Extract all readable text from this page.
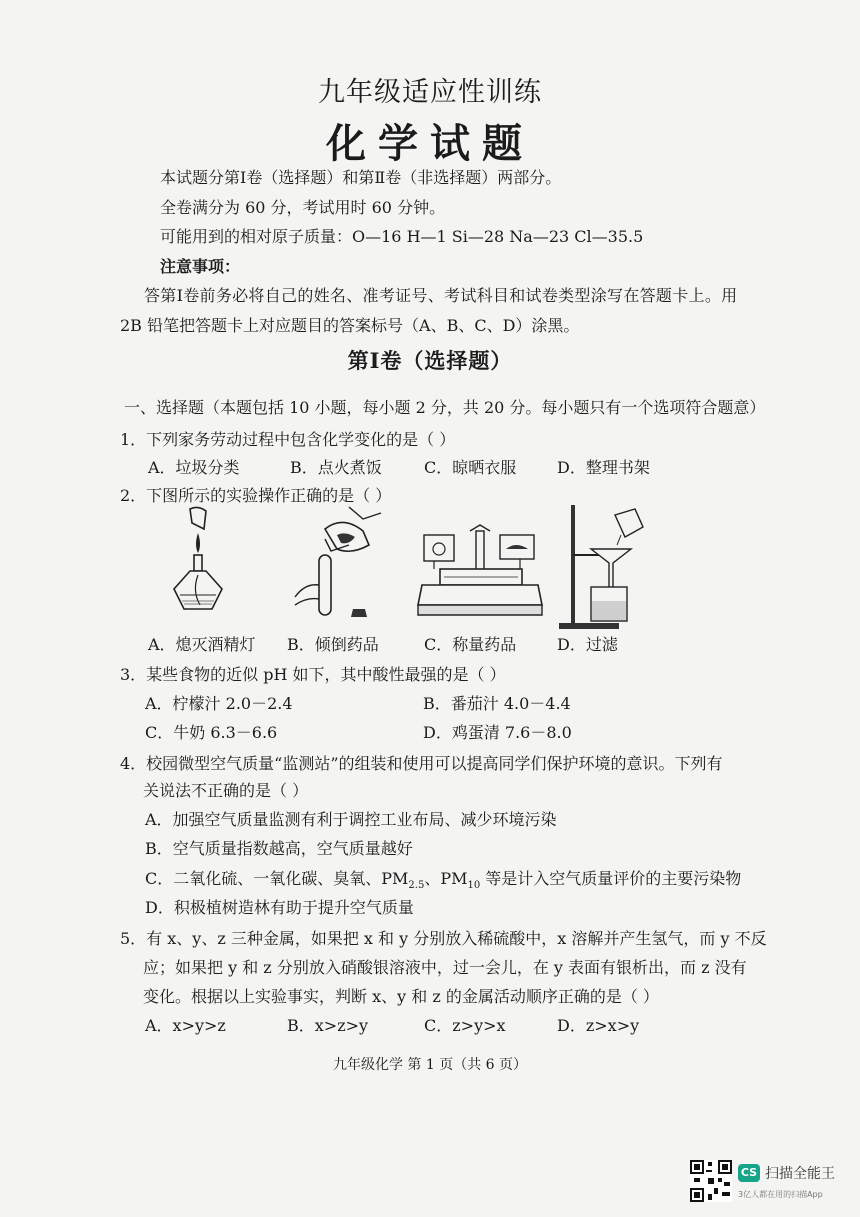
九年级适应性训练
化学试题
本试题分第Ⅰ卷（选择题）和第Ⅱ卷（非选择题）两部分。
全卷满分为 60 分，考试用时 60 分钟。
可能用到的相对原子质量：O—16 H—1 Si—28 Na—23 Cl—35.5
注意事项：
答第Ⅰ卷前务必将自己的姓名、准考证号、考试科目和试卷类型涂写在答题卡上。用
2B 铅笔把答题卡上对应题目的答案标号（A、B、C、D）涂黑。
第Ⅰ卷（选择题）
一、选择题（本题包括 10 小题，每小题 2 分，共 20 分。每小题只有一个选项符合题意）
1．下列家务劳动过程中包含化学变化的是（ ）
A．垃圾分类	B．点火煮饭	C．晾晒衣服	D．整理书架
2．下图所示的实验操作正确的是（ ）
A．熄灭酒精灯 B．倾倒药品	C．称量药品	D．过滤
3．某些食物的近似 pH 如下，其中酸性最强的是（ ）
A．柠檬汁 2.0－2.4	B．番茄汁 4.0－4.4
C．牛奶 6.3－6.6	D．鸡蛋清 7.6－8.0
4．校园微型空气质量“监测站”的组装和使用可以提高同学们保护环境的意识。下列有
关说法不正确的是（ ）
A．加强空气质量监测有利于调控工业布局、减少环境污染
B．空气质量指数越高，空气质量越好
C．二氧化硫、一氧化碳、臭氧、$PM_{2.5}$、$PM_{10}$ 等是计入空气质量评价的主要污染物
D．积极植树造林有助于提升空气质量
5．有 x、y、z 三种金属，如果把 x 和 y 分别放入稀硫酸中，x 溶解并产生氢气，而 y 不反
应；如果把 y 和 z 分别放入硝酸银溶液中，过一会儿，在 y 表面有银析出，而 z 没有
变化。根据以上实验事实，判断 x、y 和 z 的金属活动顺序正确的是（ ）
A．x>y>z	B．x>z>y	C．z>y>x	D．z>x>y
九年级化学 第 1 页（共 6 页）
CS 扫描全能王
3亿人都在用的扫描App
